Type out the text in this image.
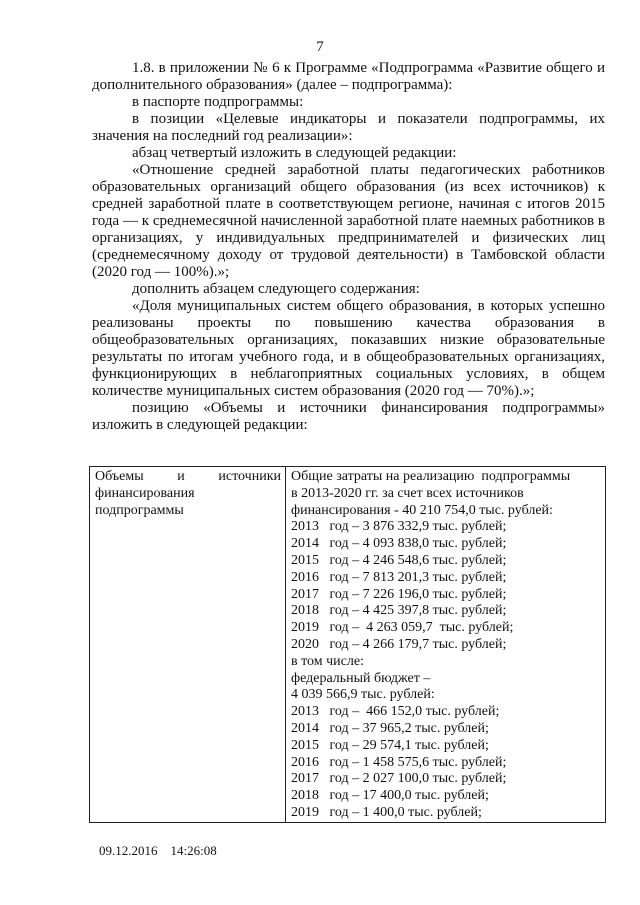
7

1.8. в приложении № 6 к Программе «Подпрограмма «Развитие общего и дополнительного образования» (далее – подпрограмма):

в паспорте подпрограммы:

в позиции «Целевые индикаторы и показатели подпрограммы, их значения на последний год реализации»:

абзац четвертый изложить в следующей редакции:

«Отношение средней заработной платы педагогических работников образовательных организаций общего образования (из всех источников) к средней заработной плате в соответствующем регионе, начиная с итогов 2015 года — к среднемесячной начисленной заработной плате наемных работников в организациях, у индивидуальных предпринимателей и физических лиц (среднемесячному доходу от трудовой деятельности) в Тамбовской области (2020 год — 100%).»;

дополнить абзацем следующего содержания:

«Доля муниципальных систем общего образования, в которых успешно реализованы проекты по повышению качества образования в общеобразовательных организациях, показавших низкие образовательные результаты по итогам учебного года, и в общеобразовательных организациях, функционирующих в неблагоприятных социальных условиях, в общем количестве муниципальных систем образования (2020 год — 70%).»;

позицию «Объемы и источники финансирования подпрограммы» изложить в следующей редакции:

Объемы и источники
финансирования
подпрограммы

Общие затраты на реализацию  подпрограммы
в 2013-2020 гг. за счет всех источников
финансирования - 40 210 754,0 тыс. рублей:
2013   год – 3 876 332,9 тыс. рублей;
2014   год – 4 093 838,0 тыс. рублей;
2015   год – 4 246 548,6 тыс. рублей;
2016   год – 7 813 201,3 тыс. рублей;
2017   год – 7 226 196,0 тыс. рублей;
2018   год – 4 425 397,8 тыс. рублей;
2019   год –  4 263 059,7  тыс. рублей;
2020   год – 4 266 179,7 тыс. рублей;
в том числе:
федеральный бюджет –
4 039 566,9 тыс. рублей:
2013   год –  466 152,0 тыс. рублей;
2014   год – 37 965,2 тыс. рублей;
2015   год – 29 574,1 тыс. рублей;
2016   год – 1 458 575,6 тыс. рублей;
2017   год – 2 027 100,0 тыс. рублей;
2018   год – 17 400,0 тыс. рублей;
2019   год – 1 400,0 тыс. рублей;
09.12.2016 14:26:08
